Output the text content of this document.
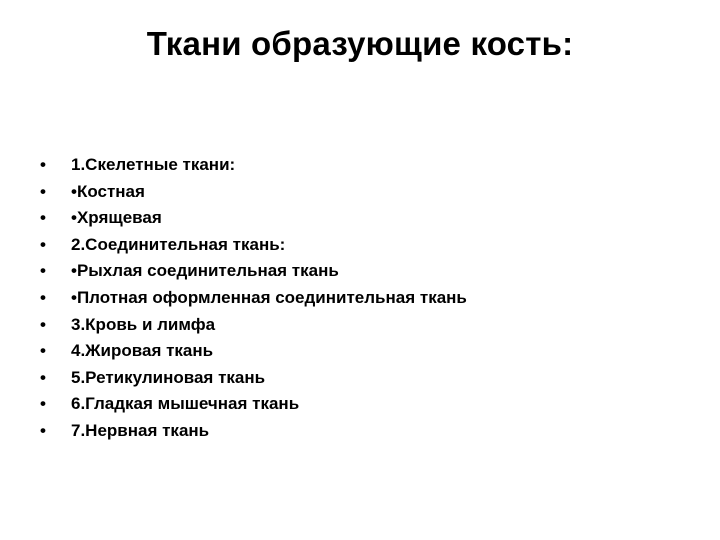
Ткани образующие кость:
• 1.Скелетные ткани:
• •Костная
• •Хрящевая
• 2.Соединительная ткань:
• •Рыхлая соединительная ткань
• •Плотная оформленная соединительная ткань
• 3.Кровь и лимфа
• 4.Жировая ткань
• 5.Ретикулиновая ткань
• 6.Гладкая мышечная ткань
• 7.Нервная ткань
